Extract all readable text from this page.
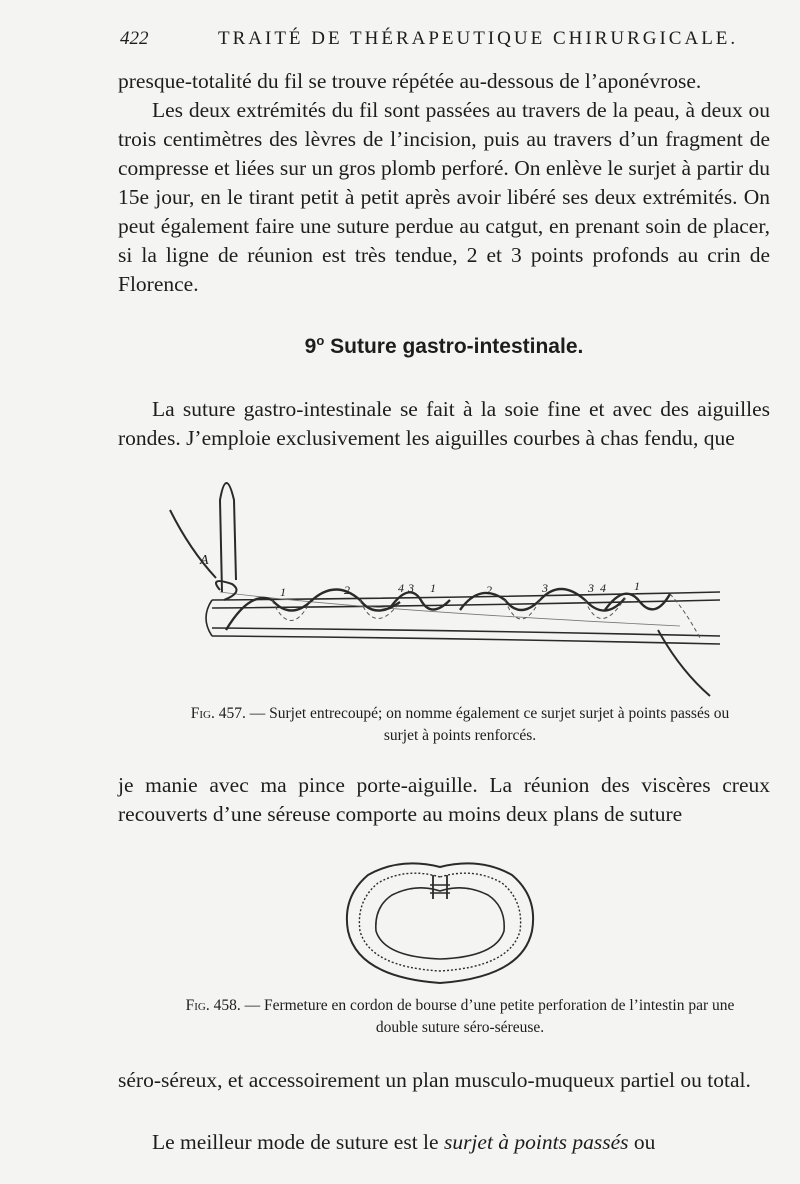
422	TRAITÉ DE THÉRAPEUTIQUE CHIRURGICALE.

presque-totalité du fil se trouve répétée au-dessous de l’aponévrose.

Les deux extrémités du fil sont passées au travers de la peau, à deux ou trois centimètres des lèvres de l’incision, puis au travers d’un fragment de compresse et liées sur un gros plomb perforé. On enlève le surjet à partir du 15e jour, en le tirant petit à petit après avoir libéré ses deux extrémités. On peut également faire une suture perdue au catgut, en prenant soin de placer, si la ligne de réunion est très tendue, 2 et 3 points profonds au crin de Florence.

9$^o$ Suture gastro-intestinale.

La suture gastro-intestinale se fait à la soie fine et avec des aiguilles rondes. J’emploie exclusivement les aiguilles courbes à chas fendu, que

A
1	2	4 3 1	2	3	3 4 1

Fig. 457. — Surjet entrecoupé; on nomme également ce surjet surjet à points passés ou surjet à points renforcés.

je manie avec ma pince porte-aiguille. La réunion des viscères creux recouverts d’une séreuse comporte au moins deux plans de suture

Fig. 458. — Fermeture en cordon de bourse d’une petite perforation de l’intestin par une double suture séro-séreuse.

séro-séreux, et accessoirement un plan musculo-muqueux partiel ou total.

Le meilleur mode de suture est le surjet à points passés ou
